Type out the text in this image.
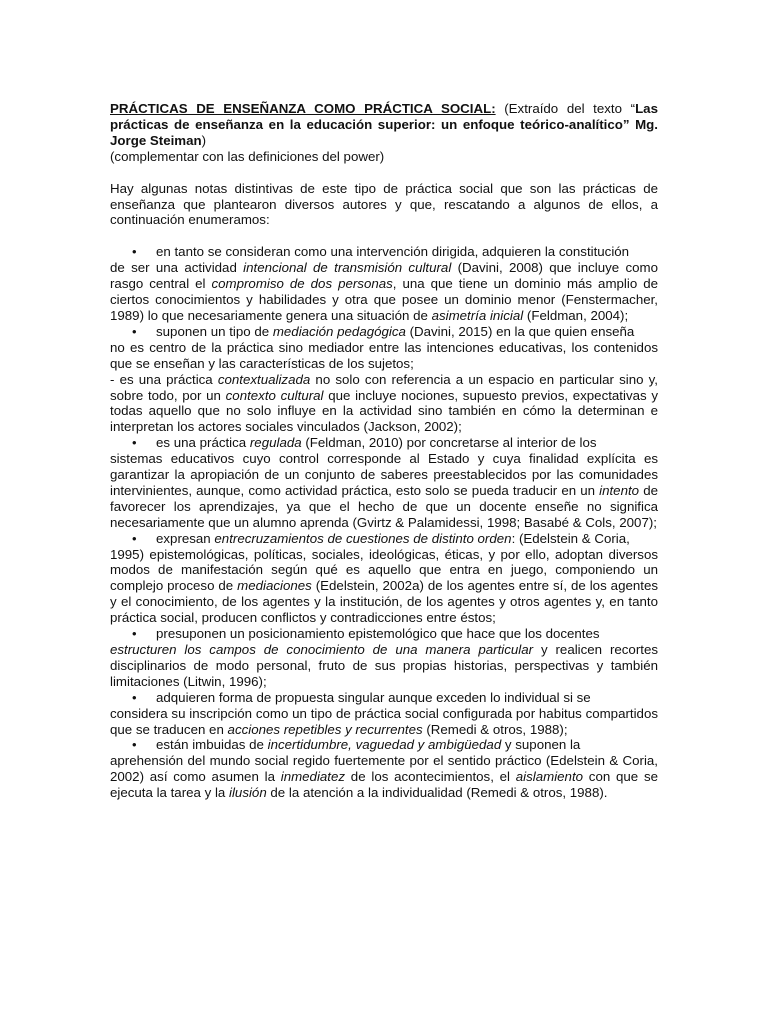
PRÁCTICAS DE ENSEÑANZA COMO PRÁCTICA SOCIAL: (Extraído del texto “Las prácticas de enseñanza en la educación superior: un enfoque teórico-analítico” Mg. Jorge Steiman)

(complementar con las definiciones del power)

Hay algunas notas distintivas de este tipo de práctica social que son las prácticas de enseñanza que plantearon diversos autores y que, rescatando a algunos de ellos, a continuación enumeramos:

• en tanto se consideran como una intervención dirigida, adquieren la constitución

de ser una actividad intencional de transmisión cultural (Davini, 2008) que incluye como rasgo central el compromiso de dos personas, una que tiene un dominio más amplio de ciertos conocimientos y habilidades y otra que posee un dominio menor (Fenstermacher, 1989) lo que necesariamente genera una situación de asimetría inicial (Feldman, 2004);

• suponen un tipo de mediación pedagógica (Davini, 2015) en la que quien enseña

no es centro de la práctica sino mediador entre las intenciones educativas, los contenidos que se enseñan y las características de los sujetos;

- es una práctica contextualizada no solo con referencia a un espacio en particular sino y, sobre todo, por un contexto cultural que incluye nociones, supuesto previos, expectativas y todas aquello que no solo influye en la actividad sino también en cómo la determinan e interpretan los actores sociales vinculados (Jackson, 2002);

• es una práctica regulada (Feldman, 2010) por concretarse al interior de los

sistemas educativos cuyo control corresponde al Estado y cuya finalidad explícita es garantizar la apropiación de un conjunto de saberes preestablecidos por las comunidades intervinientes, aunque, como actividad práctica, esto solo se pueda traducir en un intento de favorecer los aprendizajes, ya que el hecho de que un docente enseñe no significa necesariamente que un alumno aprenda (Gvirtz & Palamidessi, 1998; Basabé & Cols, 2007);

• expresan entrecruzamientos de cuestiones de distinto orden: (Edelstein & Coria,

1995) epistemológicas, políticas, sociales, ideológicas, éticas, y por ello, adoptan diversos modos de manifestación según qué es aquello que entra en juego, componiendo un complejo proceso de mediaciones (Edelstein, 2002a) de los agentes entre sí, de los agentes y el conocimiento, de los agentes y la institución, de los agentes y otros agentes y, en tanto práctica social, producen conflictos y contradicciones entre éstos;

• presuponen un posicionamiento epistemológico que hace que los docentes

estructuren los campos de conocimiento de una manera particular y realicen recortes disciplinarios de modo personal, fruto de sus propias historias, perspectivas y también limitaciones (Litwin, 1996);

• adquieren forma de propuesta singular aunque exceden lo individual si se

considera su inscripción como un tipo de práctica social configurada por habitus compartidos que se traducen en acciones repetibles y recurrentes (Remedi & otros, 1988);

• están imbuidas de incertidumbre, vaguedad y ambigüedad y suponen la

aprehensión del mundo social regido fuertemente por el sentido práctico (Edelstein & Coria, 2002) así como asumen la inmediatez de los acontecimientos, el aislamiento con que se ejecuta la tarea y la ilusión de la atención a la individualidad (Remedi & otros, 1988).
